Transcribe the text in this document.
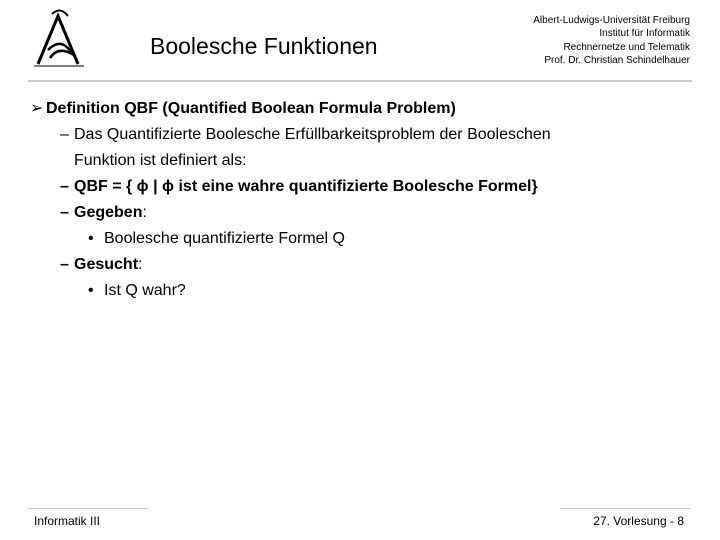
Boolesche Funktionen
Albert-Ludwigs-Universität Freiburg
Institut für Informatik
Rechnernetze und Telematik
Prof. Dr. Christian Schindelhauer
➢ Definition QBF (Quantified Boolean Formula Problem)
– Das Quantifizierte Boolesche Erfüllbarkeitsproblem der Booleschen
Funktion ist definiert als:
– QBF = { ϕ | ϕ ist eine wahre quantifizierte Boolesche Formel}
– Gegeben:
• Boolesche quantifizierte Formel Q
– Gesucht:
• Ist Q wahr?
Informatik III	27. Vorlesung - 8
